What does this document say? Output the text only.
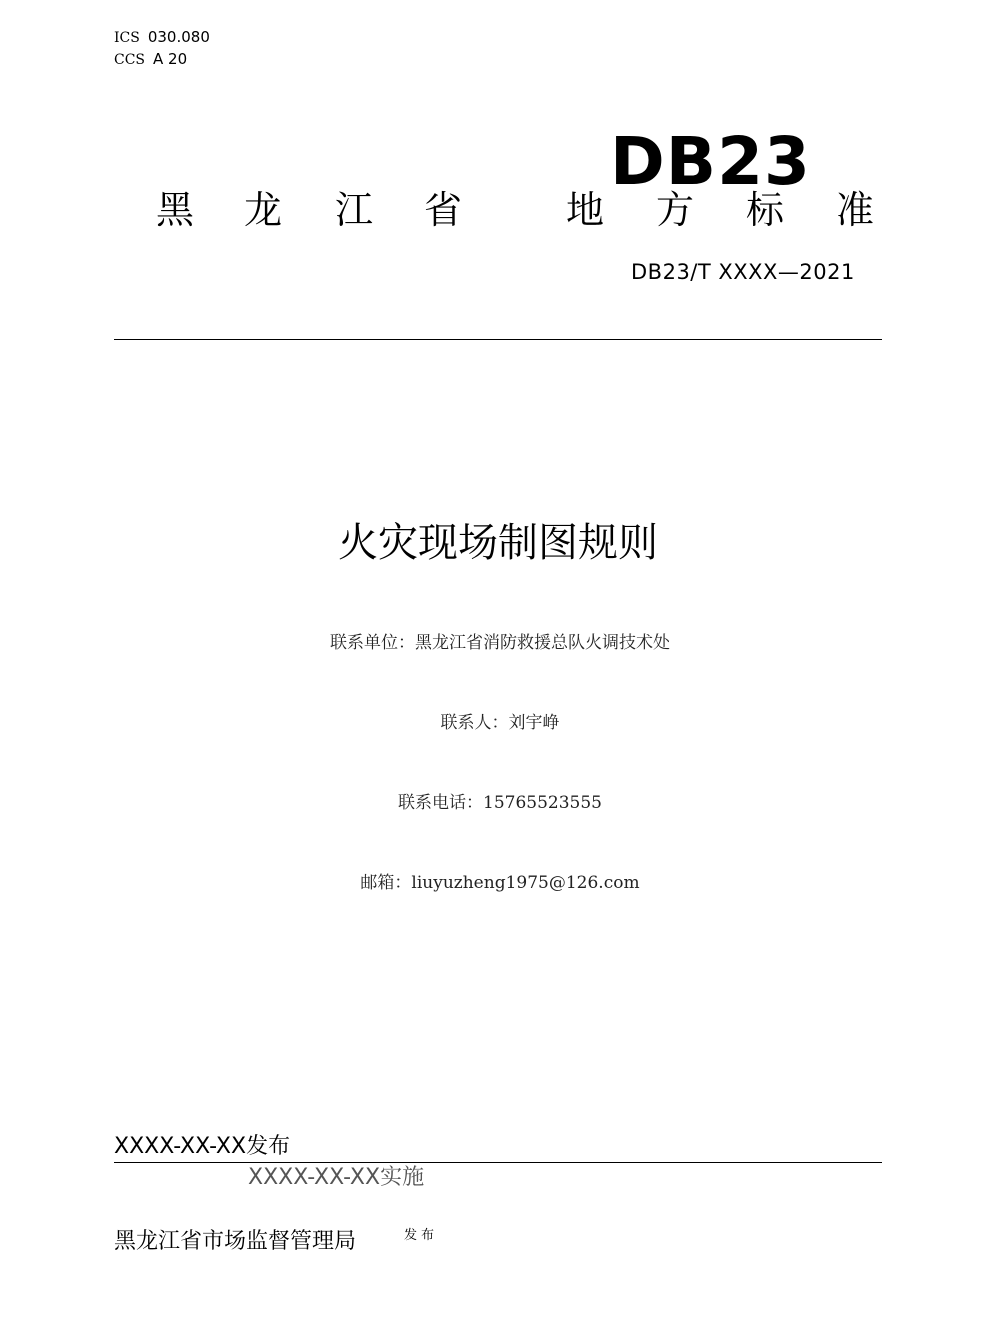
ICS 030.080
CCS A 20
DB23
黑 龙 江 省	地 方 标 准
DB23/T XXXX—2021
火灾现场制图规则
联系单位：黑龙江省消防救援总队火调技术处
联系人：刘宇峥
联系电话：15765523555
邮箱：liuyuzheng1975@126.com
XXXX-XX-XX发布
XXXX-XX-XX实施
黑龙江省市场监督管理局	发布
